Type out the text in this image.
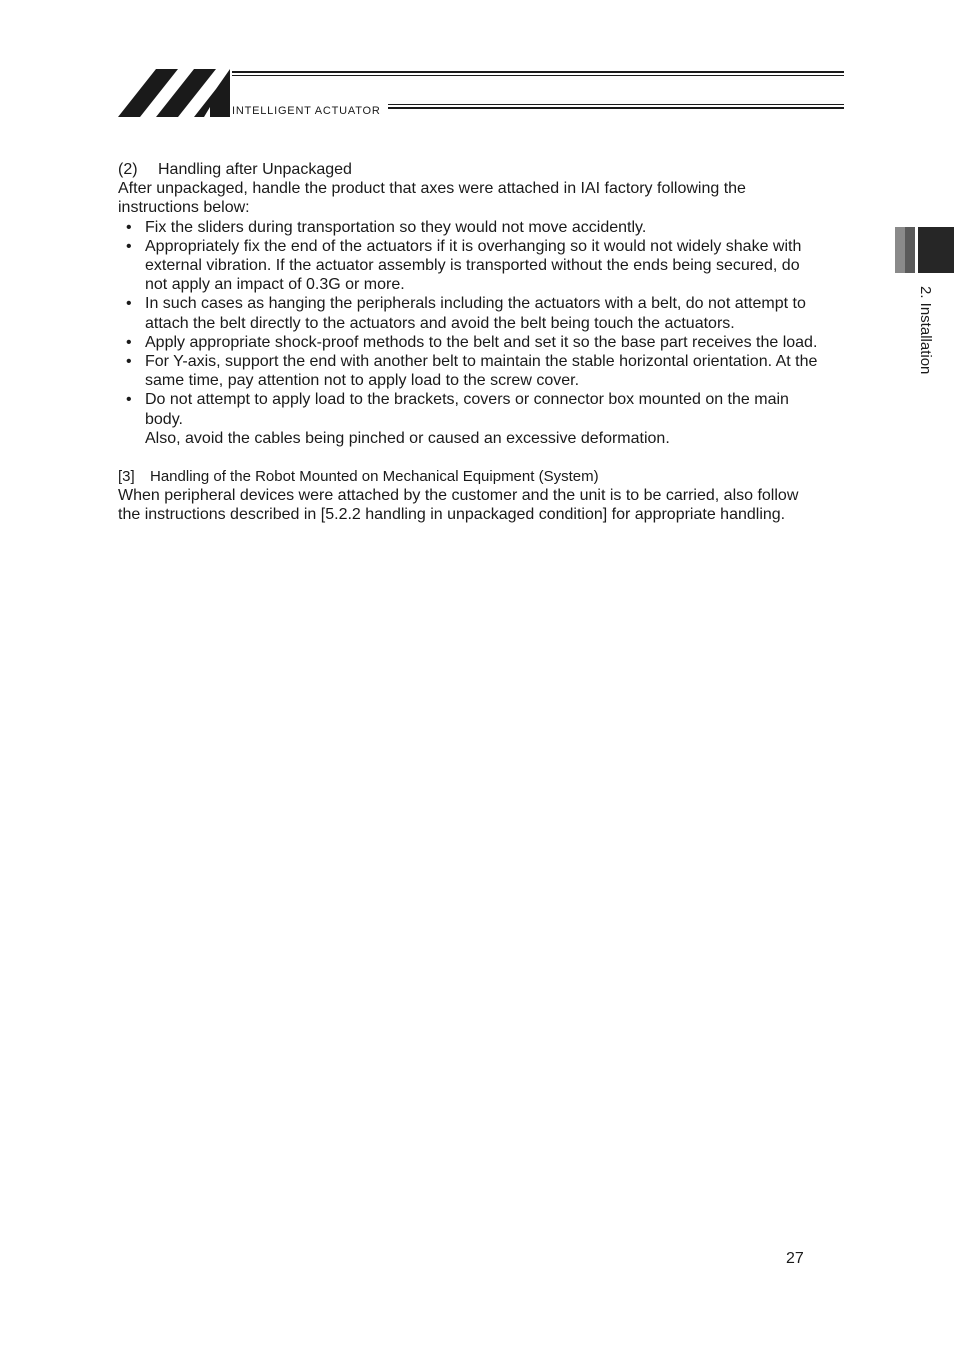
INTELLIGENT ACTUATOR
2. Installation

(2) Handling after Unpackaged

After unpackaged, handle the product that axes were attached in IAI factory following the instructions below:

• Fix the sliders during transportation so they would not move accidently.
• Appropriately fix the end of the actuators if it is overhanging so it would not widely shake with external vibration. If the actuator assembly is transported without the ends being secured, do not apply an impact of 0.3G or more.
• In such cases as hanging the peripherals including the actuators with a belt, do not attempt to attach the belt directly to the actuators and avoid the belt being touch the actuators.
• Apply appropriate shock-proof methods to the belt and set it so the base part receives the load.
• For Y-axis, support the end with another belt to maintain the stable horizontal orientation. At the same time, pay attention not to apply load to the screw cover.
• Do not attempt to apply load to the brackets, covers or connector box mounted on the main body.
Also, avoid the cables being pinched or caused an excessive deformation.

[3] Handling of the Robot Mounted on Mechanical Equipment (System)

When peripheral devices were attached by the customer and the unit is to be carried, also follow the instructions described in [5.2.2 handling in unpackaged condition] for appropriate handling.

27
